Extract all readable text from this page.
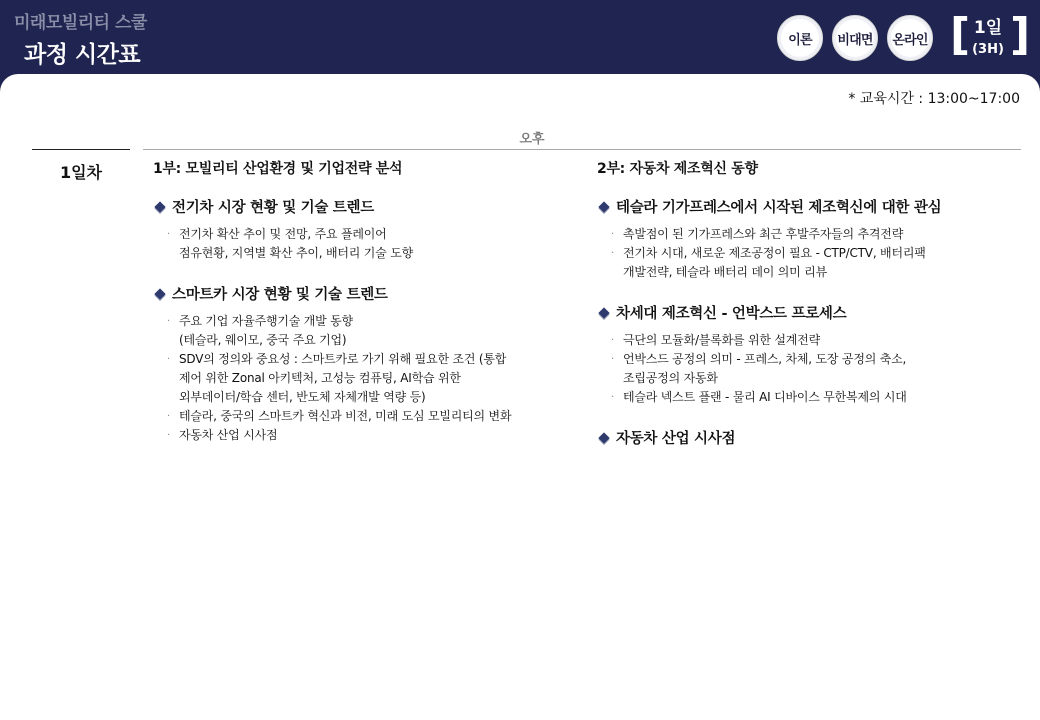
미래모빌리티 스쿨
과정 시간표
이론	비대면	온라인 [ 1일
(3H) ]
* 교육시간 : 13:00~17:00
오후
1일차	1부: 모빌리티 산업환경 및 기업전략 분석
전기차 시장 현황 및 기술 트렌드
· 전기차 확산 추이 및 전망, 주요 플레이어
점유현황, 지역별 확산 추이, 배터리 기술 도향
스마트카 시장 현황 및 기술 트렌드
· 주요 기업 자율주행기술 개발 동향
(테슬라, 웨이모, 중국 주요 기업)
· SDV의 정의와 중요성 : 스마트카로 가기 위해 필요한 조건 (통합
제어 위한 Zonal 아키텍처, 고성능 컴퓨팅, AI학습 위한
외부데이터/학습 센터, 반도체 자체개발 역량 등)
· 테슬라, 중국의 스마트카 혁신과 비전, 미래 도심 모빌리티의 변화
· 자동차 산업 시사점
2부: 자동차 제조혁신 동향
테슬라 기가프레스에서 시작된 제조혁신에 대한 관심
· 촉발점이 된 기가프레스와 최근 후발주자들의 추격전략
· 전기차 시대, 새로운 제조공정이 필요 - CTP/CTV, 배터리팩
개발전략, 테슬라 배터리 데이 의미 리뷰
차세대 제조혁신 - 언박스드 프로세스
· 극단의 모듈화/블록화를 위한 설계전략
· 언박스드 공정의 의미 - 프레스, 차체, 도장 공정의 축소,
조립공정의 자동화
· 테슬라 넥스트 플랜 - 물리 AI 디바이스 무한복제의 시대
자동차 산업 시사점
